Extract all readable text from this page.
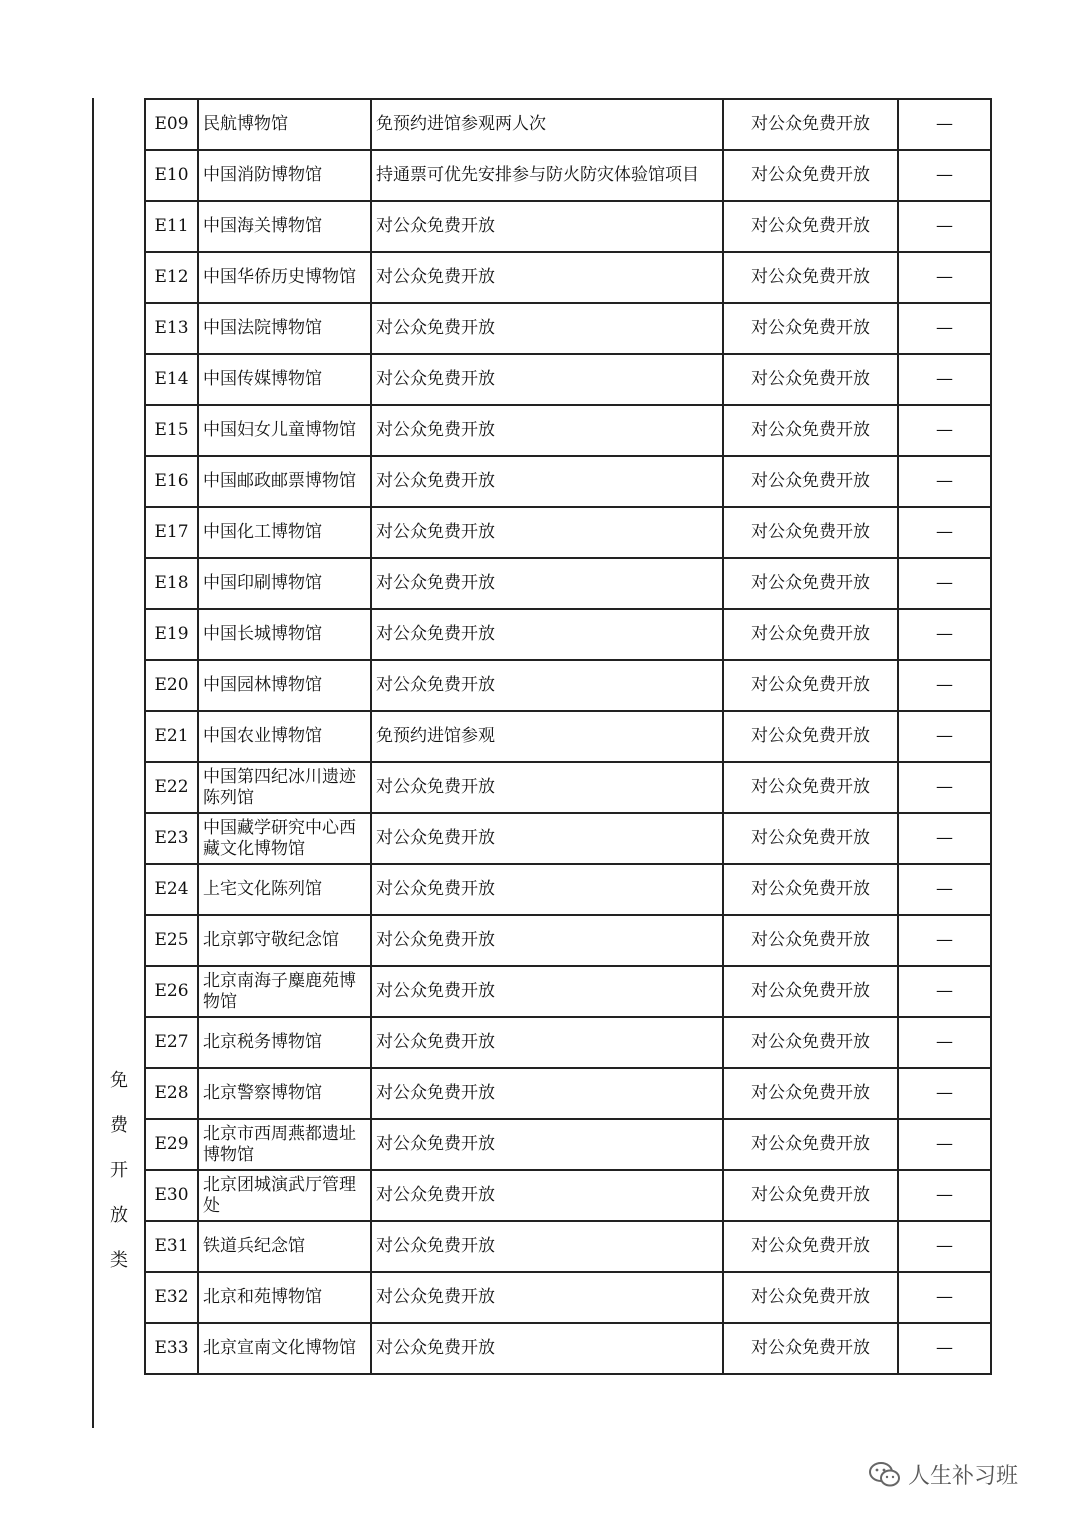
免
费
开
放
类
E09	民航博物馆	免预约进馆参观两人次	对公众免费开放	—
E10	中国消防博物馆	持通票可优先安排参与防火防灾体验馆项目	对公众免费开放	—
E11	中国海关博物馆	对公众免费开放	对公众免费开放	—
E12	中国华侨历史博物馆	对公众免费开放	对公众免费开放	—
E13	中国法院博物馆	对公众免费开放	对公众免费开放	—
E14	中国传媒博物馆	对公众免费开放	对公众免费开放	—
E15	中国妇女儿童博物馆	对公众免费开放	对公众免费开放	—
E16	中国邮政邮票博物馆	对公众免费开放	对公众免费开放	—
E17	中国化工博物馆	对公众免费开放	对公众免费开放	—
E18	中国印刷博物馆	对公众免费开放	对公众免费开放	—
E19	中国长城博物馆	对公众免费开放	对公众免费开放	—
E20	中国园林博物馆	对公众免费开放	对公众免费开放	—
E21	中国农业博物馆	免预约进馆参观	对公众免费开放	—
E22	中国第四纪冰川遗迹陈列馆	对公众免费开放	对公众免费开放	—
E23	中国藏学研究中心西藏文化博物馆	对公众免费开放	对公众免费开放	—
E24	上宅文化陈列馆	对公众免费开放	对公众免费开放	—
E25	北京郭守敬纪念馆	对公众免费开放	对公众免费开放	—
E26	北京南海子麋鹿苑博物馆	对公众免费开放	对公众免费开放	—
E27	北京税务博物馆	对公众免费开放	对公众免费开放	—
E28	北京警察博物馆	对公众免费开放	对公众免费开放	—
E29	北京市西周燕都遗址博物馆	对公众免费开放	对公众免费开放	—
E30	北京团城演武厅管理处	对公众免费开放	对公众免费开放	—
E31	铁道兵纪念馆	对公众免费开放	对公众免费开放	—
E32	北京和苑博物馆	对公众免费开放	对公众免费开放	—
E33	北京宣南文化博物馆	对公众免费开放	对公众免费开放	—
人生补习班
